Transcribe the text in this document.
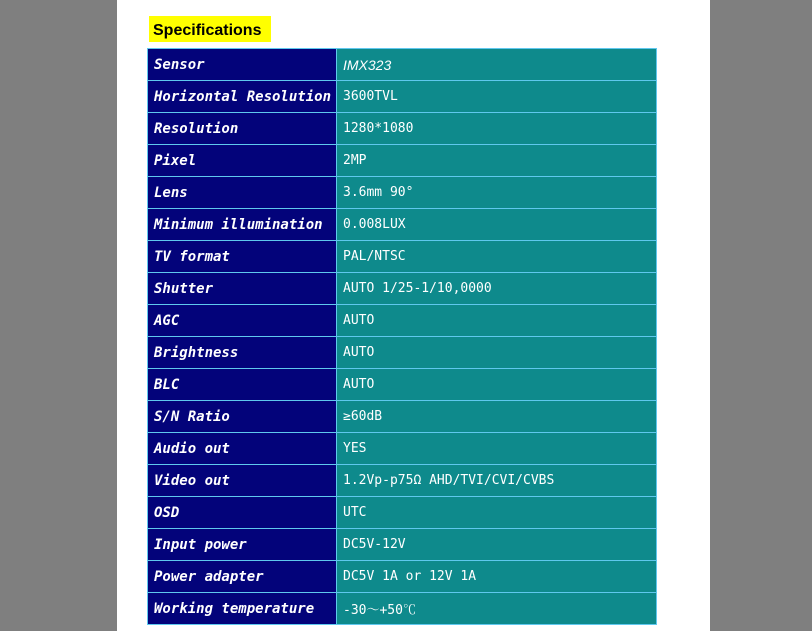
Specifications
Sensor	IMX323
Horizontal Resolution	3600TVL
Resolution	1280*1080
Pixel	2MP
Lens	3.6mm 90°
Minimum illumination	0.008LUX
TV format	PAL/NTSC
Shutter	AUTO 1/25-1/10,0000
AGC	AUTO
Brightness	AUTO
BLC	AUTO
S/N Ratio	≥60dB
Audio out	YES
Video out	1.2Vp-p75Ω AHD/TVI/CVI/CVBS
OSD	UTC
Input power	DC5V-12V
Power adapter	DC5V 1A or 12V 1A
Working temperature	-30～+50℃
